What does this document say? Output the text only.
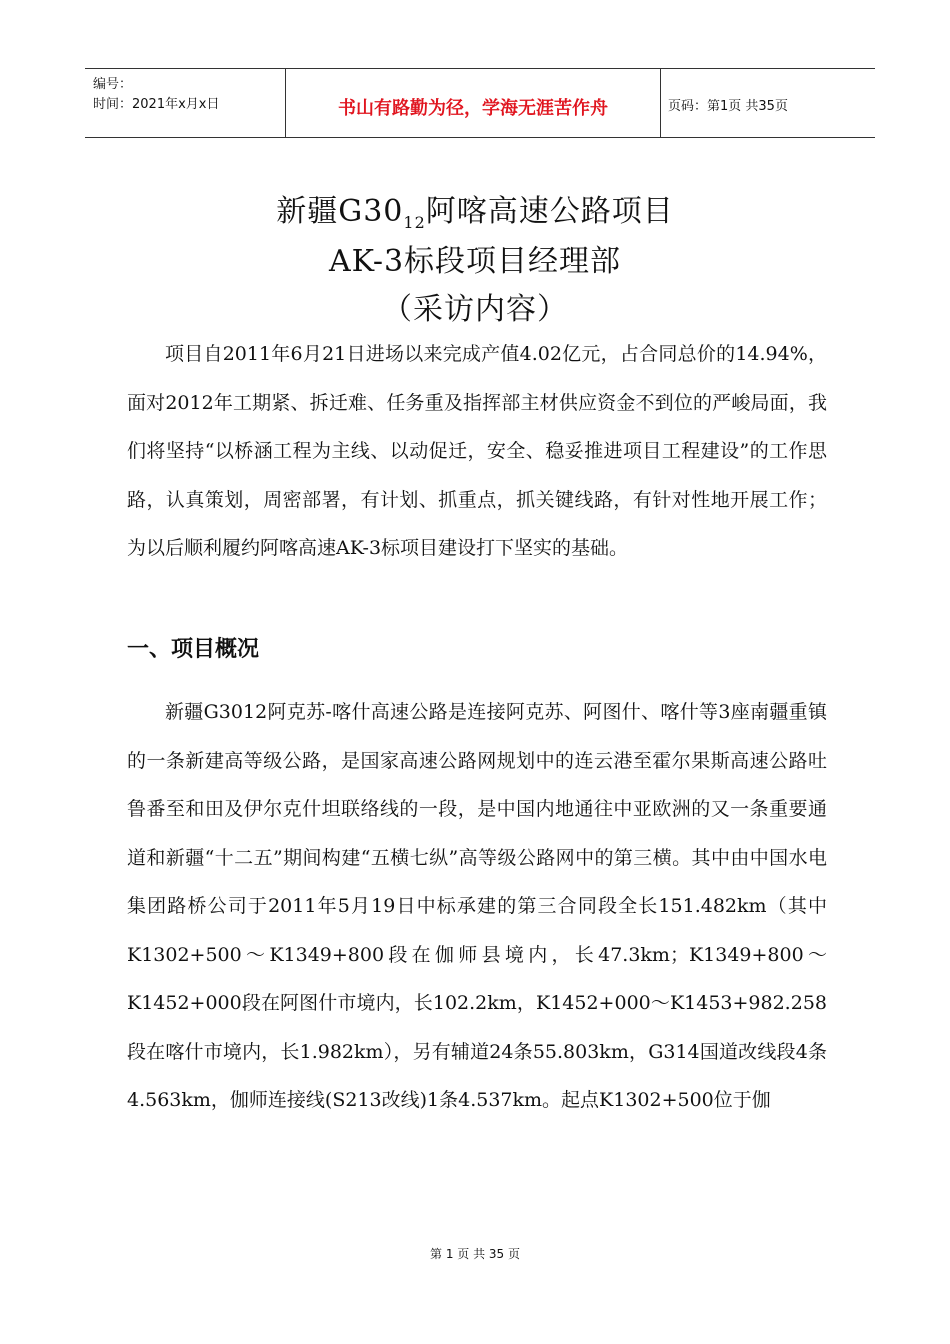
编号：
时间：2021年x月x日	书山有路勤为径，学海无涯苦作舟	页码：第1页 共35页
新疆$G30_{12}$阿喀高速公路项目
AK-3标段项目经理部
（采访内容）

项目自2011年6月21日进场以来完成产值4.02亿元，占合同总价的14.94%，面对2012年工期紧、拆迁难、任务重及指挥部主材供应资金不到位的严峻局面，我们将坚持“以桥涵工程为主线、以动促迁，安全、稳妥推进项目工程建设”的工作思路，认真策划，周密部署，有计划、抓重点，抓关键线路，有针对性地开展工作；为以后顺利履约阿喀高速AK-3标项目建设打下坚实的基础。

一、项目概况

新疆G3012阿克苏-喀什高速公路是连接阿克苏、阿图什、喀什等3座南疆重镇的一条新建高等级公路，是国家高速公路网规划中的连云港至霍尔果斯高速公路吐鲁番至和田及伊尔克什坦联络线的一段，是中国内地通往中亚欧洲的又一条重要通道和新疆“十二五”期间构建“五横七纵”高等级公路网中的第三横。其中由中国水电集团路桥公司于2011年5月19日中标承建的第三合同段全长151.482km（其中K1302+500～K1349+800段在伽师县境内，长47.3km；K1349+800～K1452+000段在阿图什市境内，长102.2km，K1452+000～K1453+982.258段在喀什市境内，长1.982km），另有辅道24条55.803km，G314国道改线段4条4.563km，伽师连接线(S213改线)1条4.537km。起点K1302+500位于伽

第 1 页 共 35 页
